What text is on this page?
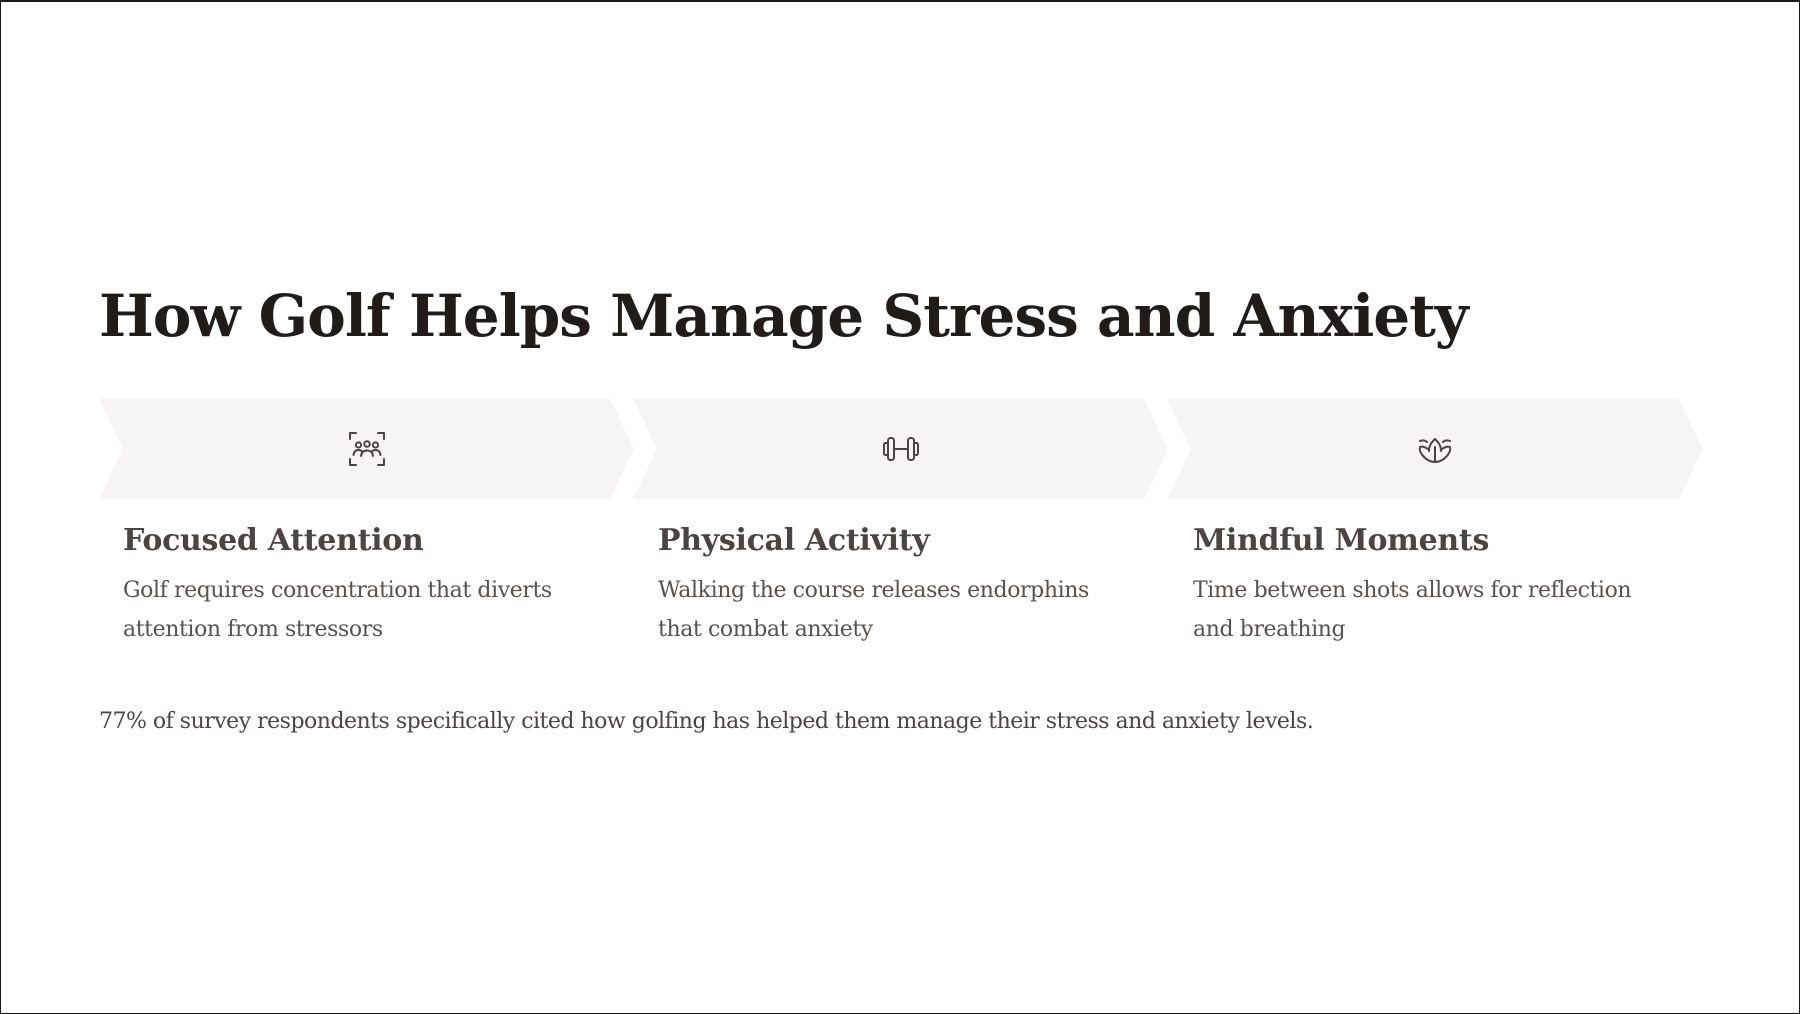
How Golf Helps Manage Stress and Anxiety
Focused Attention

Golf requires concentration that diverts attention from stressors

Physical Activity

Walking the course releases endorphins that combat anxiety

Mindful Moments

Time between shots allows for reflection and breathing

77% of survey respondents specifically cited how golfing has helped them manage their stress and anxiety levels.
